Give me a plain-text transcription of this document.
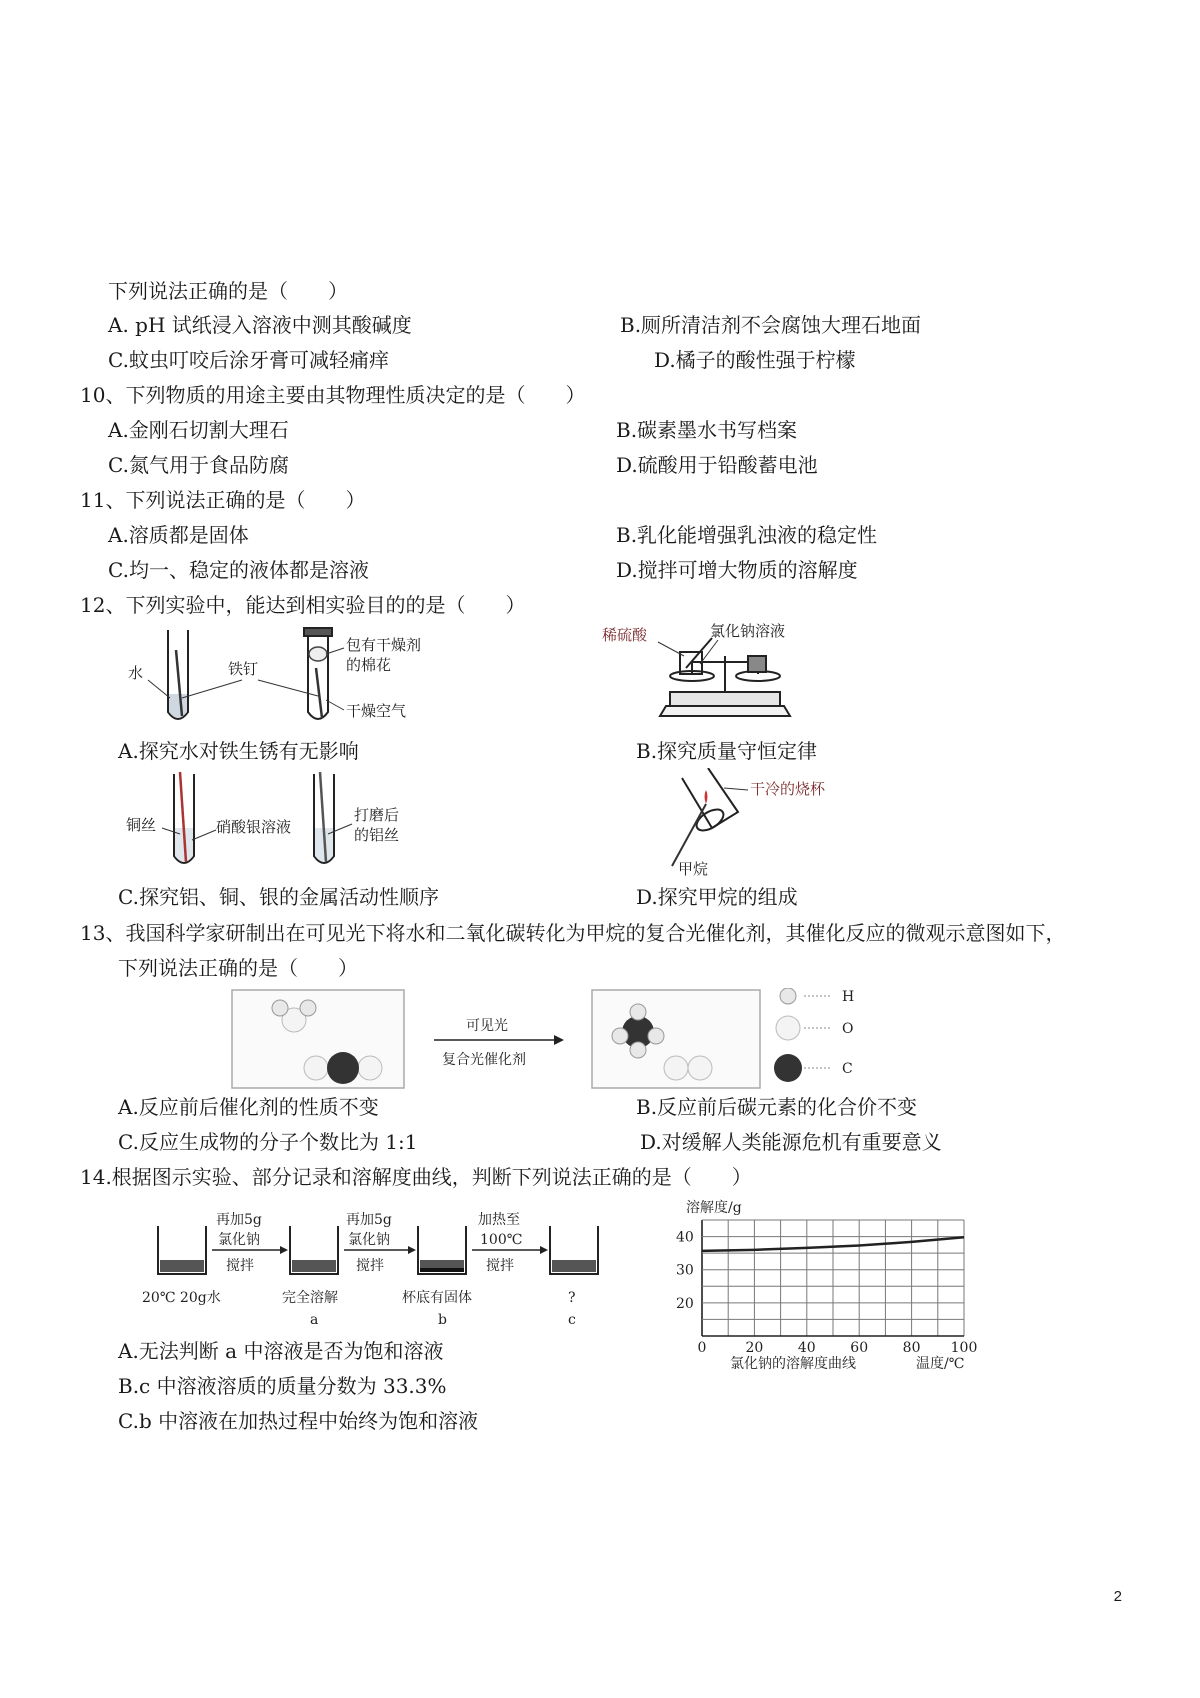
下列说法正确的是（　　）
A. pH 试纸浸入溶液中测其酸碱度	B.厕所清洁剂不会腐蚀大理石地面
C.蚊虫叮咬后涂牙膏可减轻痛痒	D.橘子的酸性强于柠檬
10、下列物质的用途主要由其物理性质决定的是（　　）
A.金刚石切割大理石	B.碳素墨水书写档案
C.氮气用于食品防腐	D.硫酸用于铅酸蓄电池
11、下列说法正确的是（　　）
A.溶质都是固体	B.乳化能增强乳浊液的稳定性
C.均一、稳定的液体都是溶液	D.搅拌可增大物质的溶解度
12、下列实验中，能达到相实验目的的是（　　）
水	铁钉
包有干燥剂
的棉花
干燥空气
A.探究水对铁生锈有无影响
稀硫酸	氯化钠溶液
B.探究质量守恒定律
铜丝	硝酸银溶液
打磨后
的铝丝
C.探究铝、铜、银的金属活动性顺序
干冷的烧杯
甲烷
D.探究甲烷的组成
13、我国科学家研制出在可见光下将水和二氧化碳转化为甲烷的复合光催化剂，其催化反应的微观示意图如下，
下列说法正确的是（　　）
可见光
复合光催化剂
H
O
C
A.反应前后催化剂的性质不变	B.反应前后碳元素的化合价不变
C.反应生成物的分子个数比为 1:1	D.对缓解人类能源危机有重要意义
14.根据图示实验、部分记录和溶解度曲线，判断下列说法正确的是（　　）
再加5g
氯化钠
搅拌
再加5g
氯化钠
搅拌
加热至
100℃
搅拌
20℃ 20g水	完全溶解
a
杯底有固体
b
?
c
溶解度/g
20
30
40
0	20 40 60 80 100
氯化钠的溶解度曲线	温度/℃
A.无法判断 a 中溶液是否为饱和溶液
B.c 中溶液溶质的质量分数为 33.3%
C.b 中溶液在加热过程中始终为饱和溶液
2
